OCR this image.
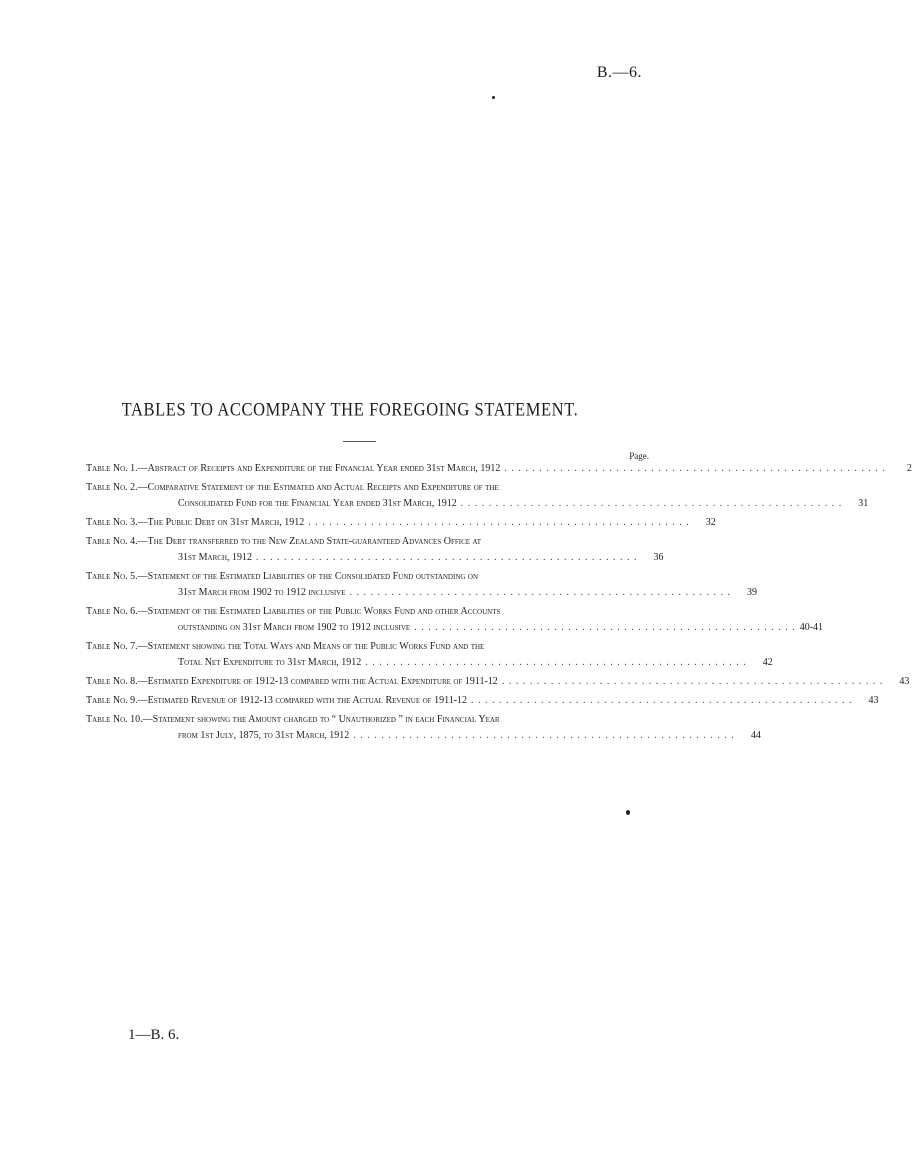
B.—6.
TABLES TO ACCOMPANY THE FOREGOING STATEMENT.
Page.
Table No. 1. —Abstract of Receipts and Expenditure of the Financial Year ended 31st March, 1912 . . . . . . . . . . . . . . . . . . . . . . . . . . . . . . . . . . . . . . . . . . . . . . . . . . . . . . .	2
Table No. 2. —Comparative Statement of the Estimated and Actual Receipts and Expenditure of the
Consolidated Fund for the Financial Year ended 31st March, 1912 . . . . . . . . . . . . . . . . . . . . . . . . . . . . . . . . . . . . . . . . . . . . . . . . . . . . . . .	31
Table No. 3. —The Public Debt on 31st March, 1912 . . . . . . . . . . . . . . . . . . . . . . . . . . . . . . . . . . . . . . . . . . . . . . . . . . . . . . .	32
Table No. 4. —The Debt transferred to the New Zealand State-guaranteed Advances Office at
31st March, 1912 . . . . . . . . . . . . . . . . . . . . . . . . . . . . . . . . . . . . . . . . . . . . . . . . . . . . . . .	36
Table No. 5. —Statement of the Estimated Liabilities of the Consolidated Fund outstanding on
31st March from 1902 to 1912 inclusive . . . . . . . . . . . . . . . . . . . . . . . . . . . . . . . . . . . . . . . . . . . . . . . . . . . . . . .	39
Table No. 6. —Statement of the Estimated Liabilities of the Public Works Fund and other Accounts
outstanding on 31st March from 1902 to 1912 inclusive . . . . . . . . . . . . . . . . . . . . . . . . . . . . . . . . . . . . . . . . . . . . . . . . . . . . . . . 40-41
Table No. 7. —Statement showing the Total Ways and Means of the Public Works Fund and the
Total Net Expenditure to 31st March, 1912 . . . . . . . . . . . . . . . . . . . . . . . . . . . . . . . . . . . . . . . . . . . . . . . . . . . . . . .	42
Table No. 8. —Estimated Expenditure of 1912-13 compared with the Actual Expenditure of 1911-12 . . . . . . . . . . . . . . . . . . . . . . . . . . . . . . . . . . . . . . . . . . . . . . . . . . . . . . .	43
Table No. 9. —Estimated Revenue of 1912-13 compared with the Actual Revenue of 1911-12 . . . . . . . . . . . . . . . . . . . . . . . . . . . . . . . . . . . . . . . . . . . . . . . . . . . . . . .	43
Table No. 10. —Statement showing the Amount charged to “ Unauthorized ” in each Financial Year
from 1st July, 1875, to 31st March, 1912 . . . . . . . . . . . . . . . . . . . . . . . . . . . . . . . . . . . . . . . . . . . . . . . . . . . . . . .	44
1—B. 6.
